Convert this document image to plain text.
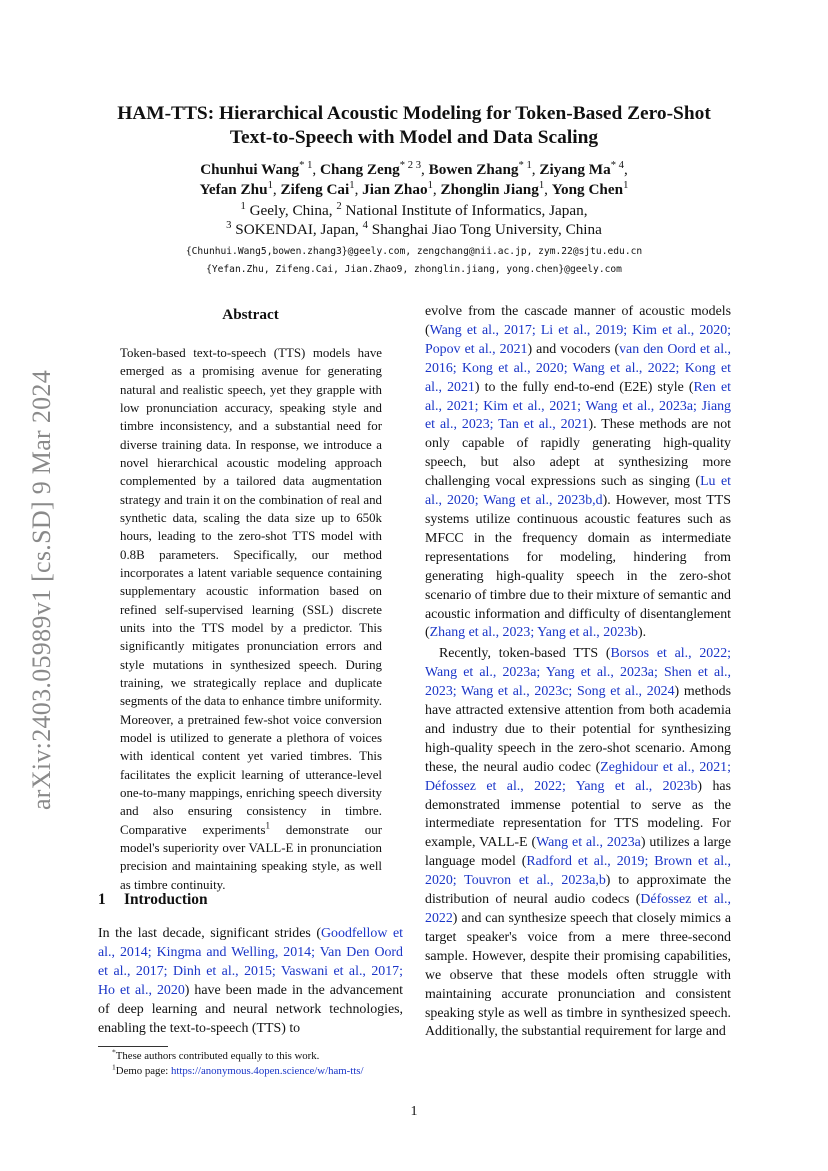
arXiv:2403.05989v1 [cs.SD] 9 Mar 2024
HAM-TTS: Hierarchical Acoustic Modeling for Token-Based Zero-Shot
Text-to-Speech with Model and Data Scaling
Chunhui Wang$^{* 1}$, Chang Zeng$^{* 2 3}$, Bowen Zhang$^{* 1}$, Ziyang Ma$^{* 4}$,
Yefan Zhu$^1$, Zifeng Cai$^1$, Jian Zhao$^1$, Zhonglin Jiang$^1$, Yong Chen$^1$
$^1$ Geely, China, $^2$ National Institute of Informatics, Japan,
$^3$ SOKENDAI, Japan, $^4$ Shanghai Jiao Tong University, China
{Chunhui.Wang5,bowen.zhang3}@geely.com, zengchang@nii.ac.jp, zym.22@sjtu.edu.cn
{Yefan.Zhu, Zifeng.Cai, Jian.Zhao9, zhonglin.jiang, yong.chen}@geely.com

Abstract

Token-based text-to-speech (TTS) models have emerged as a promising avenue for generating natural and realistic speech, yet they grapple with low pronunciation accuracy, speaking style and timbre inconsistency, and a substantial need for diverse training data. In response, we introduce a novel hierarchical acoustic modeling approach complemented by a tailored data augmentation strategy and train it on the combination of real and synthetic data, scaling the data size up to 650k hours, leading to the zero-shot TTS model with 0.8B parameters. Specifically, our method incorporates a latent variable sequence containing supplementary acoustic information based on refined self-supervised learning (SSL) discrete units into the TTS model by a predictor. This significantly mitigates pronunciation errors and style mutations in synthesized speech. During training, we strategically replace and duplicate segments of the data to enhance timbre uniformity. Moreover, a pretrained few-shot voice conversion model is utilized to generate a plethora of voices with identical content yet varied timbres. This facilitates the explicit learning of utterance-level one-to-many mappings, enriching speech diversity and also ensuring consistency in timbre. Comparative experiments$^1$ demonstrate our model's superiority over VALL-E in pronunciation precision and maintaining speaking style, as well as timbre continuity.

1 Introduction

In the last decade, significant strides (Goodfellow et al., 2014; Kingma and Welling, 2014; Van Den Oord et al., 2017; Dinh et al., 2015; Vaswani et al., 2017; Ho et al., 2020) have been made in the advancement of deep learning and neural network technologies, enabling the text-to-speech (TTS) to

evolve from the cascade manner of acoustic models (Wang et al., 2017; Li et al., 2019; Kim et al., 2020; Popov et al., 2021) and vocoders (van den Oord et al., 2016; Kong et al., 2020; Wang et al., 2022; Kong et al., 2021) to the fully end-to-end (E2E) style (Ren et al., 2021; Kim et al., 2021; Wang et al., 2023a; Jiang et al., 2023; Tan et al., 2021). These methods are not only capable of rapidly generating high-quality speech, but also adept at synthesizing more challenging vocal expressions such as singing (Lu et al., 2020; Wang et al., 2023b,d). However, most TTS systems utilize continuous acoustic features such as MFCC in the frequency domain as intermediate representations for modeling, hindering from generating high-quality speech in the zero-shot scenario of timbre due to their mixture of semantic and acoustic information and difficulty of disentanglement (Zhang et al., 2023; Yang et al., 2023b).

Recently, token-based TTS (Borsos et al., 2022; Wang et al., 2023a; Yang et al., 2023a; Shen et al., 2023; Wang et al., 2023c; Song et al., 2024) methods have attracted extensive attention from both academia and industry due to their potential for synthesizing high-quality speech in the zero-shot scenario. Among these, the neural audio codec (Zeghidour et al., 2021; Défossez et al., 2022; Yang et al., 2023b) has demonstrated immense potential to serve as the intermediate representation for TTS modeling. For example, VALL-E (Wang et al., 2023a) utilizes a large language model (Radford et al., 2019; Brown et al., 2020; Touvron et al., 2023a,b) to approximate the distribution of neural audio codecs (Défossez et al., 2022) and can synthesize speech that closely mimics a target speaker's voice from a mere three-second sample. However, despite their promising capabilities, we observe that these models often struggle with maintaining accurate pronunciation and consistent speaking style as well as timbre in synthesized speech. Additionally, the substantial requirement for large and

*These authors contributed equally to this work.
$^1$Demo page: https://anonymous.4open.science/w/ham-tts/
1
